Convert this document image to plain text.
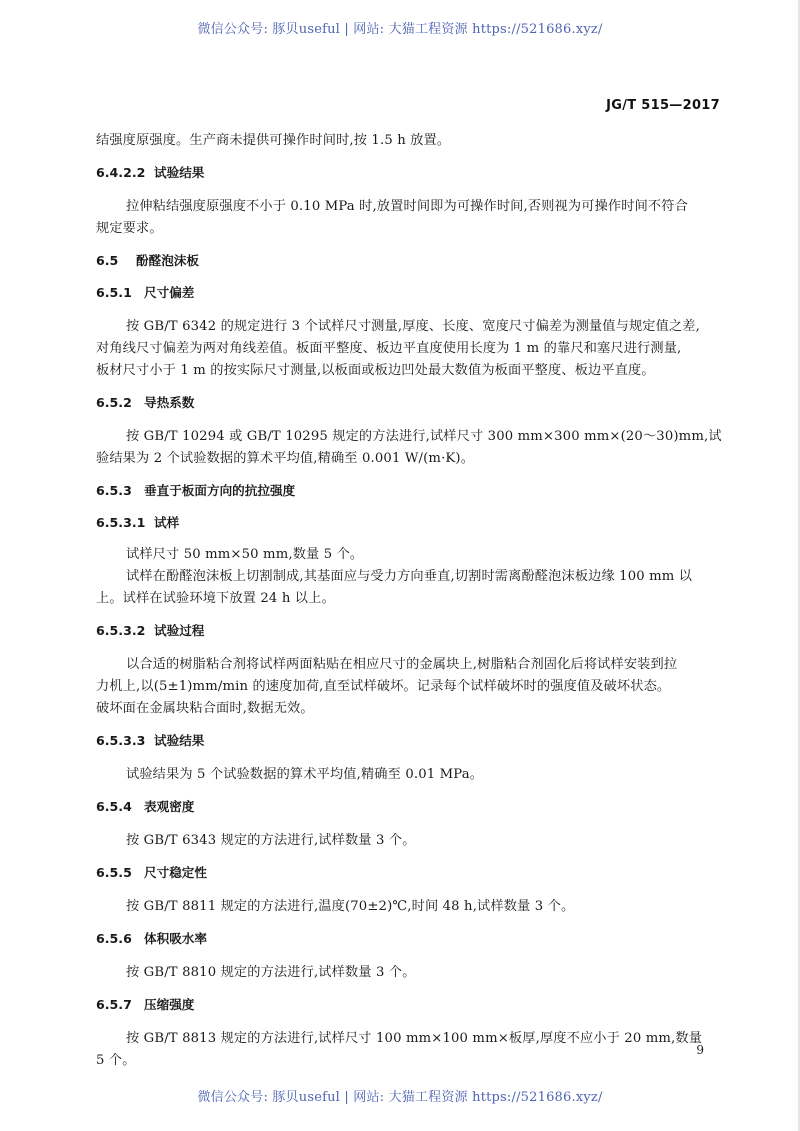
微信公众号: 豚贝useful | 网站: 大猫工程资源 https://521686.xyz/
JG/T 515—2017
结强度原强度。生产商未提供可操作时间时,按 1.5 h 放置。
6.4.2.2 试验结果
拉伸粘结强度原强度不小于 0.10 MPa 时,放置时间即为可操作时间,否则视为可操作时间不符合
规定要求。
6.5 酚醛泡沫板
6.5.1 尺寸偏差
按 GB/T 6342 的规定进行 3 个试样尺寸测量,厚度、长度、宽度尺寸偏差为测量值与规定值之差,
对角线尺寸偏差为两对角线差值。板面平整度、板边平直度使用长度为 1 m 的靠尺和塞尺进行测量,
板材尺寸小于 1 m 的按实际尺寸测量,以板面或板边凹处最大数值为板面平整度、板边平直度。
6.5.2 导热系数
按 GB/T 10294 或 GB/T 10295 规定的方法进行,试样尺寸 300 mm×300 mm×(20～30)mm,试
验结果为 2 个试验数据的算术平均值,精确至 0.001 W/(m·K)。
6.5.3 垂直于板面方向的抗拉强度
6.5.3.1 试样
试样尺寸 50 mm×50 mm,数量 5 个。
试样在酚醛泡沫板上切割制成,其基面应与受力方向垂直,切割时需离酚醛泡沫板边缘 100 mm 以
上。试样在试验环境下放置 24 h 以上。
6.5.3.2 试验过程
以合适的树脂粘合剂将试样两面粘贴在相应尺寸的金属块上,树脂粘合剂固化后将试样安装到拉
力机上,以(5±1)mm/min 的速度加荷,直至试样破坏。记录每个试样破坏时的强度值及破坏状态。
破坏面在金属块粘合面时,数据无效。
6.5.3.3 试验结果
试验结果为 5 个试验数据的算术平均值,精确至 0.01 MPa。
6.5.4 表观密度
按 GB/T 6343 规定的方法进行,试样数量 3 个。
6.5.5 尺寸稳定性
按 GB/T 8811 规定的方法进行,温度(70±2)℃,时间 48 h,试样数量 3 个。
6.5.6 体积吸水率
按 GB/T 8810 规定的方法进行,试样数量 3 个。
6.5.7 压缩强度
按 GB/T 8813 规定的方法进行,试样尺寸 100 mm×100 mm×板厚,厚度不应小于 20 mm,数量
5 个。
9
微信公众号: 豚贝useful | 网站: 大猫工程资源 https://521686.xyz/
